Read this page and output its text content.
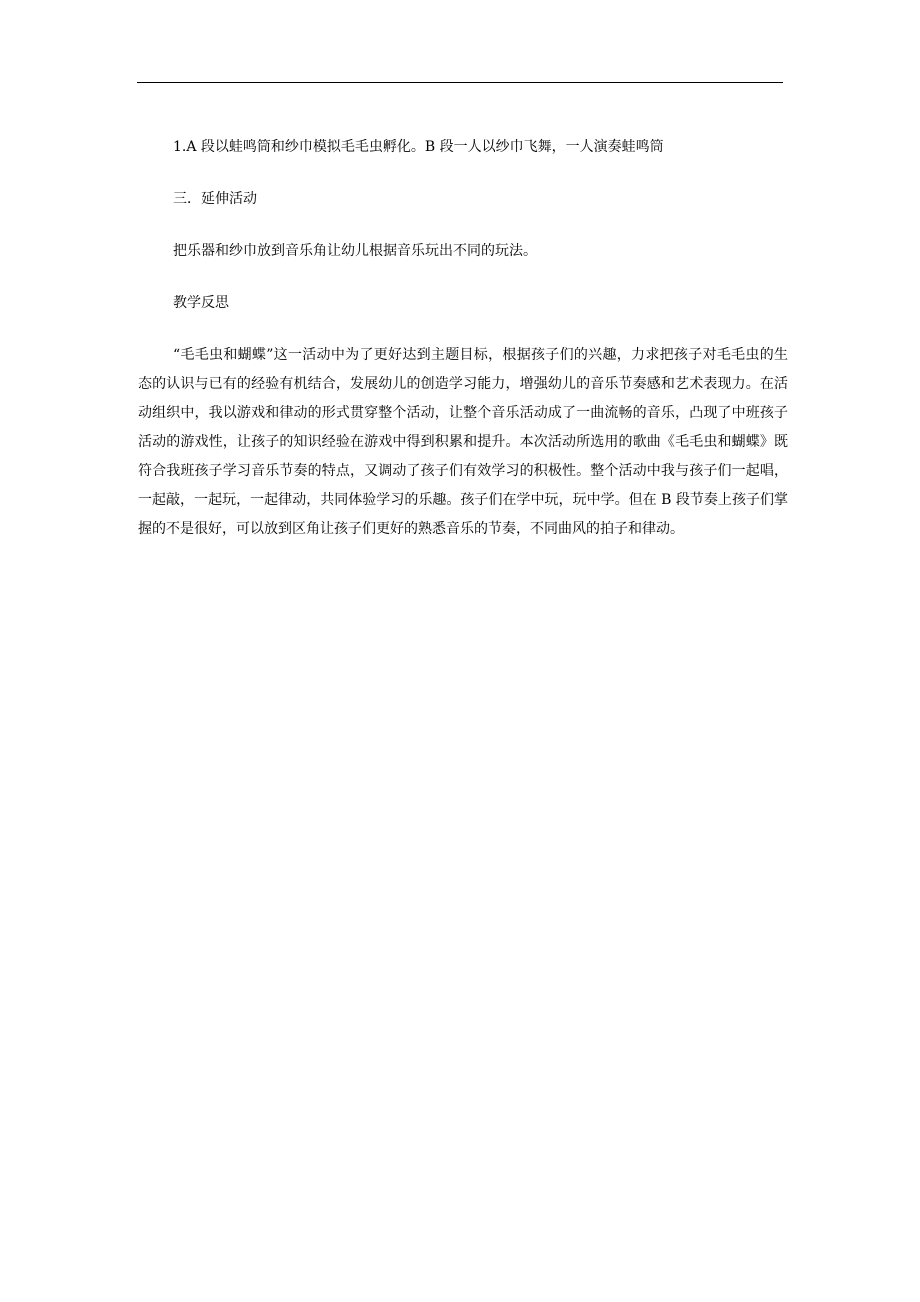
1.A 段以蛙鸣筒和纱巾模拟毛毛虫孵化。B 段一人以纱巾飞舞，一人演奏蛙鸣筒

三．延伸活动

把乐器和纱巾放到音乐角让幼儿根据音乐玩出不同的玩法。

教学反思

“毛毛虫和蝴蝶”这一活动中为了更好达到主题目标，根据孩子们的兴趣，力求把孩子对毛毛虫的生态的认识与已有的经验有机结合，发展幼儿的创造学习能力，增强幼儿的音乐节奏感和艺术表现力。在活动组织中，我以游戏和律动的形式贯穿整个活动，让整个音乐活动成了一曲流畅的音乐，凸现了中班孩子活动的游戏性，让孩子的知识经验在游戏中得到积累和提升。本次活动所选用的歌曲《毛毛虫和蝴蝶》既符合我班孩子学习音乐节奏的特点，又调动了孩子们有效学习的积极性。整个活动中我与孩子们一起唱，一起敲，一起玩，一起律动，共同体验学习的乐趣。孩子们在学中玩，玩中学。但在 B 段节奏上孩子们掌握的不是很好，可以放到区角让孩子们更好的熟悉音乐的节奏，不同曲风的拍子和律动。
